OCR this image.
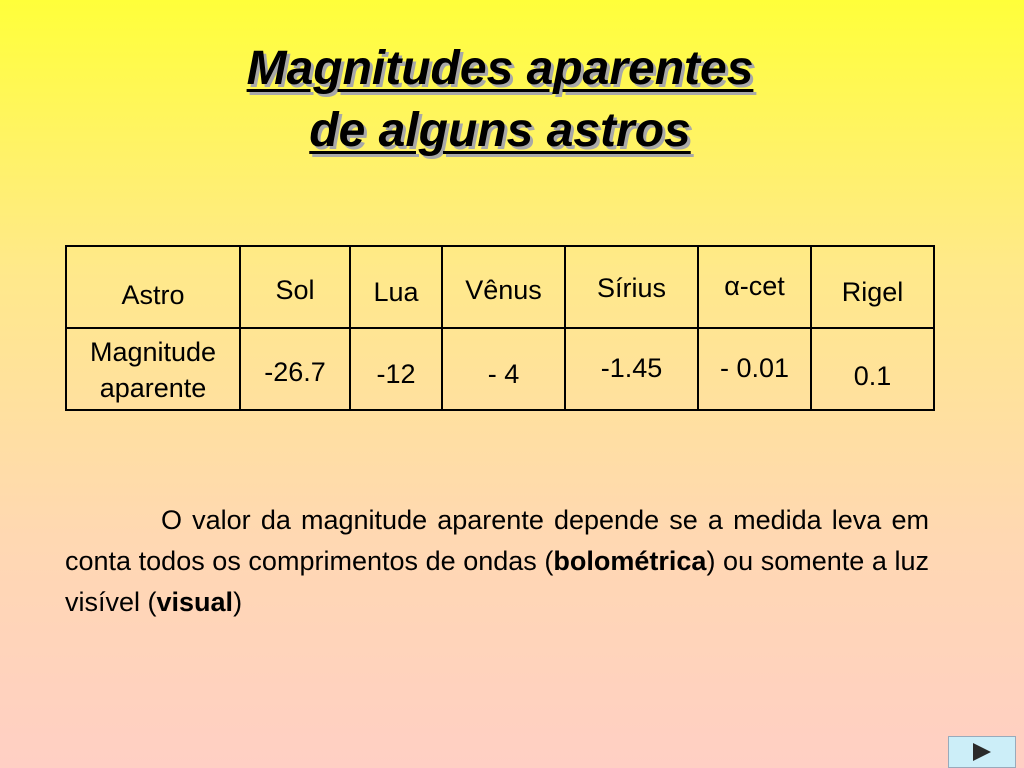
Magnitudes aparentes
de alguns astros
Astro	Sol	Lua	Vênus	Sírius	α-cet	Rigel

Magnitude
aparente	-26.7	-12	- 4	-1.45	- 0.01	0.1
O valor da magnitude aparente depende se a medida leva em conta todos os comprimentos de ondas (bolométrica) ou somente a luz visível (visual)
